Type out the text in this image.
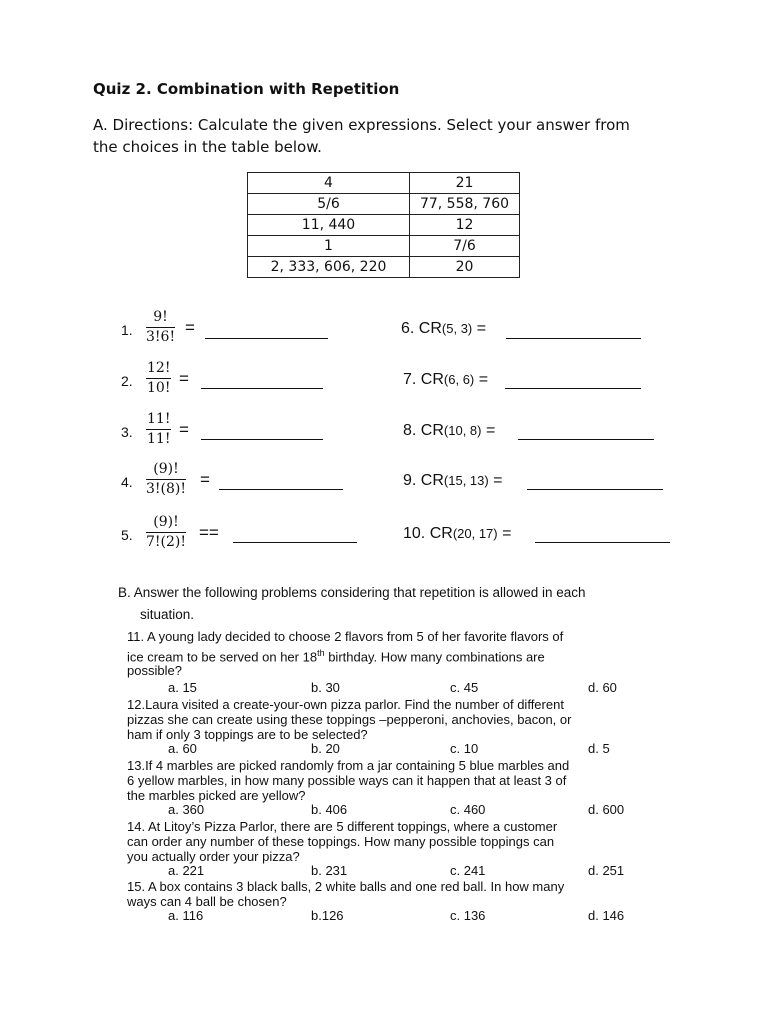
Quiz 2. Combination with Repetition
A. Directions: Calculate the given expressions. Select your answer from the choices in the table below.
4	21
5/6	77, 558, 760
11, 440	12
1	7/6
2, 333, 606, 220	20
1.
9!
3!6! =
2.
12!
10! =
3.
11!
11! =
4.
(9)!
3!(8)! =
5.
(9)!
7!(2)! ==
6. CR(5, 3) =
7. CR(6, 6) =
8. CR(10, 8) =
9. CR(15, 13) =
10. CR(20, 17) =
B. Answer the following problems considering that repetition is allowed in each
situation.
11. A young lady decided to choose 2 flavors from 5 of her favorite flavors of
ice cream to be served on her 18th birthday. How many combinations are
possible?
a. 15	b. 30	c. 45	d. 60
12.Laura visited a create-your-own pizza parlor. Find the number of different
pizzas she can create using these toppings –pepperoni, anchovies, bacon, or
ham if only 3 toppings are to be selected?
a. 60	b. 20	c. 10	d. 5
13.If 4 marbles are picked randomly from a jar containing 5 blue marbles and
6 yellow marbles, in how many possible ways can it happen that at least 3 of
the marbles picked are yellow?
a. 360	b. 406	c. 460	d. 600
14. At Litoy’s Pizza Parlor, there are 5 different toppings, where a customer
can order any number of these toppings. How many possible toppings can
you actually order your pizza?
a. 221	b. 231	c. 241	d. 251
15. A box contains 3 black balls, 2 white balls and one red ball. In how many
ways can 4 ball be chosen?
a. 116	b.126	c. 136	d. 146
